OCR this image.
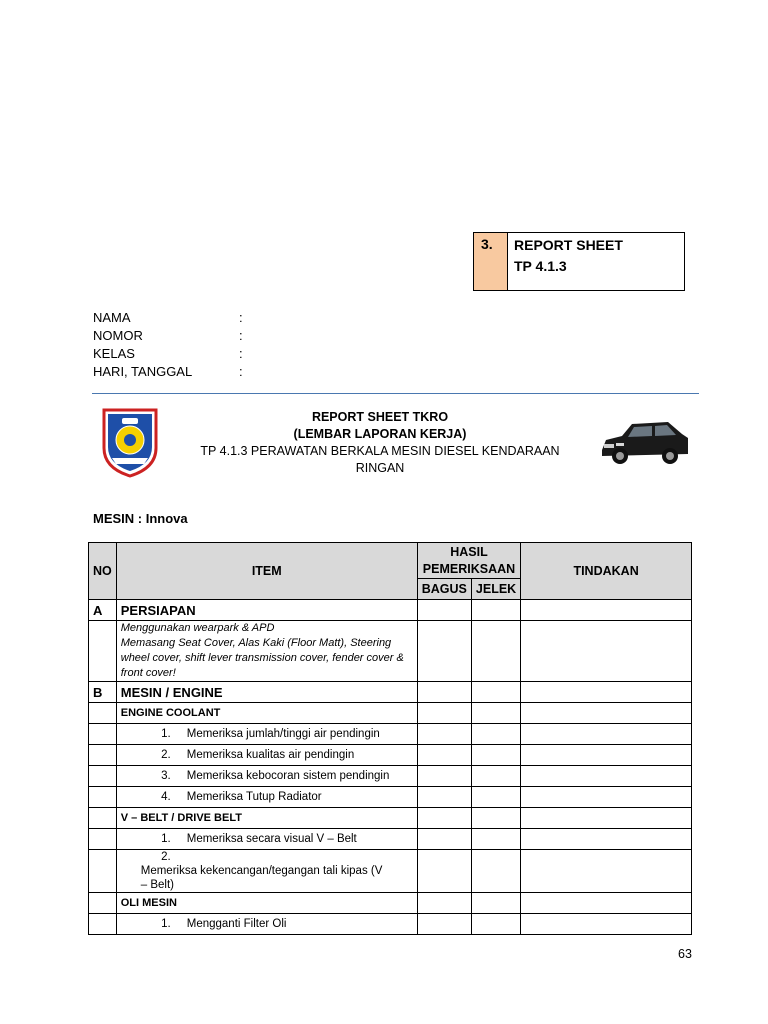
3.	REPORT SHEET
TP 4.1.3
NAMA	:
NOMOR	:
KELAS	:
HARI, TANGGAL	:
REPORT SHEET TKRO
(LEMBAR LAPORAN KERJA)
TP 4.1.3 PERAWATAN BERKALA MESIN DIESEL KENDARAAN
RINGAN
MESIN : Innova
NO	ITEM	HASIL PEMERIKSAAN		TINDAKAN
		BAGUS	JELEK	
A	PERSIAPAN			

	Menggunakan wearpark & APD
Memasang Seat Cover, Alas Kaki (Floor Matt), Steering wheel cover, shift lever transmission cover, fender cover & front cover!			

B	MESIN / ENGINE			
	ENGINE COOLANT			
	1. Memeriksa jumlah/tinggi air pendingin			
	2. Memeriksa kualitas air pendingin			
	3. Memeriksa kebocoran sistem pendingin			
	4. Memeriksa Tutup Radiator			
	V – BELT / DRIVE BELT			
	1. Memeriksa secara visual V – Belt			
	2.Memeriksa kekencangan/tegangan tali kipas (V – Belt)			
	OLI MESIN			
	1. Mengganti Filter Oli			
63
